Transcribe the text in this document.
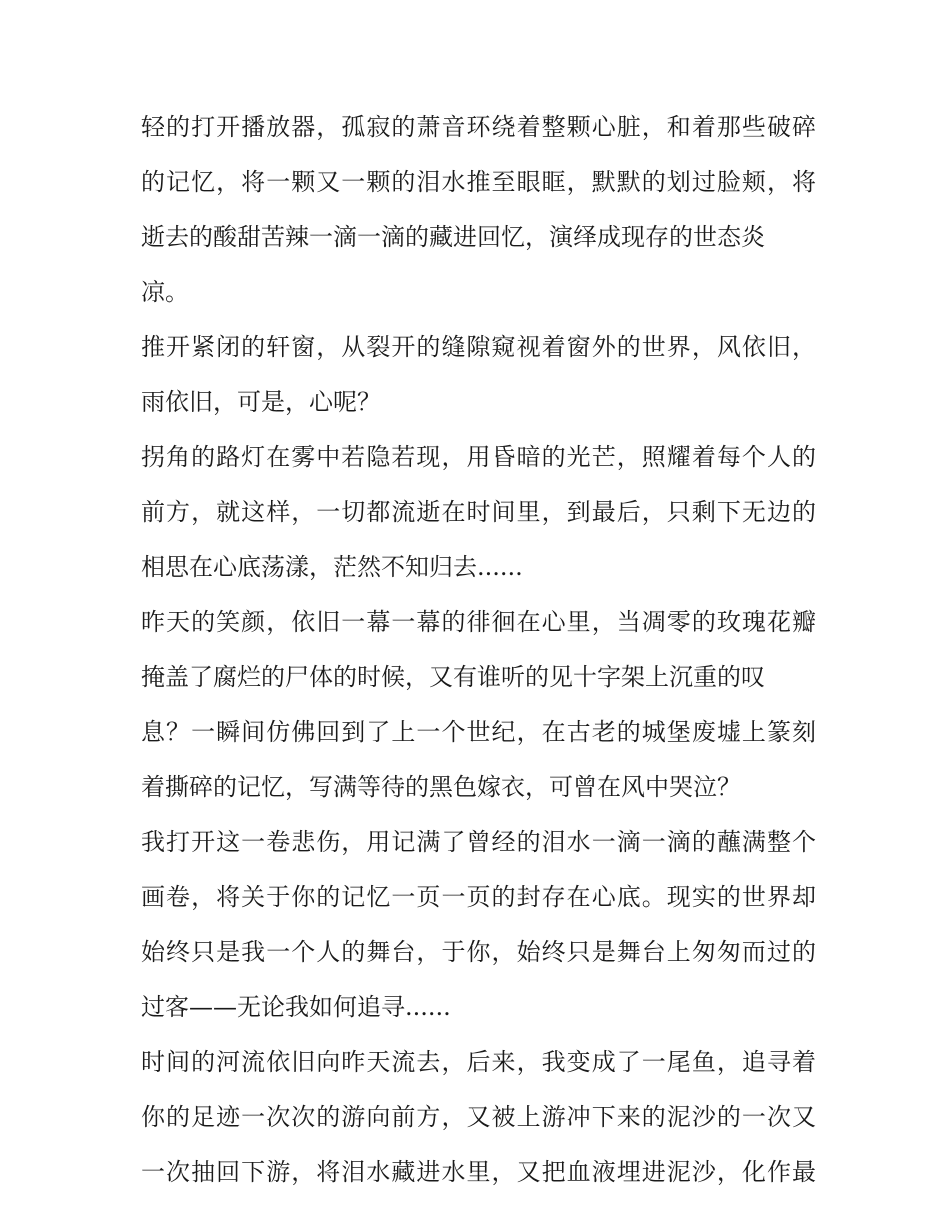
轻的打开播放器，孤寂的萧音环绕着整颗心脏，和着那些破碎
的记忆，将一颗又一颗的泪水推至眼眶，默默的划过脸颊，将
逝去的酸甜苦辣一滴一滴的藏进回忆，演绎成现存的世态炎
凉。
推开紧闭的轩窗，从裂开的缝隙窥视着窗外的世界，风依旧，
雨依旧，可是，心呢？
拐角的路灯在雾中若隐若现，用昏暗的光芒，照耀着每个人的
前方，就这样，一切都流逝在时间里，到最后，只剩下无边的
相思在心底荡漾，茫然不知归去......
昨天的笑颜，依旧一幕一幕的徘徊在心里，当凋零的玫瑰花瓣
掩盖了腐烂的尸体的时候，又有谁听的见十字架上沉重的叹
息？一瞬间仿佛回到了上一个世纪，在古老的城堡废墟上篆刻
着撕碎的记忆，写满等待的黑色嫁衣，可曾在风中哭泣？
我打开这一卷悲伤，用记满了曾经的泪水一滴一滴的蘸满整个
画卷，将关于你的记忆一页一页的封存在心底。现实的世界却
始终只是我一个人的舞台，于你，始终只是舞台上匆匆而过的
过客——无论我如何追寻......
时间的河流依旧向昨天流去，后来，我变成了一尾鱼，追寻着
你的足迹一次次的游向前方，又被上游冲下来的泥沙的一次又
一次抽回下游，将泪水藏进水里，又把血液埋进泥沙，化作最
